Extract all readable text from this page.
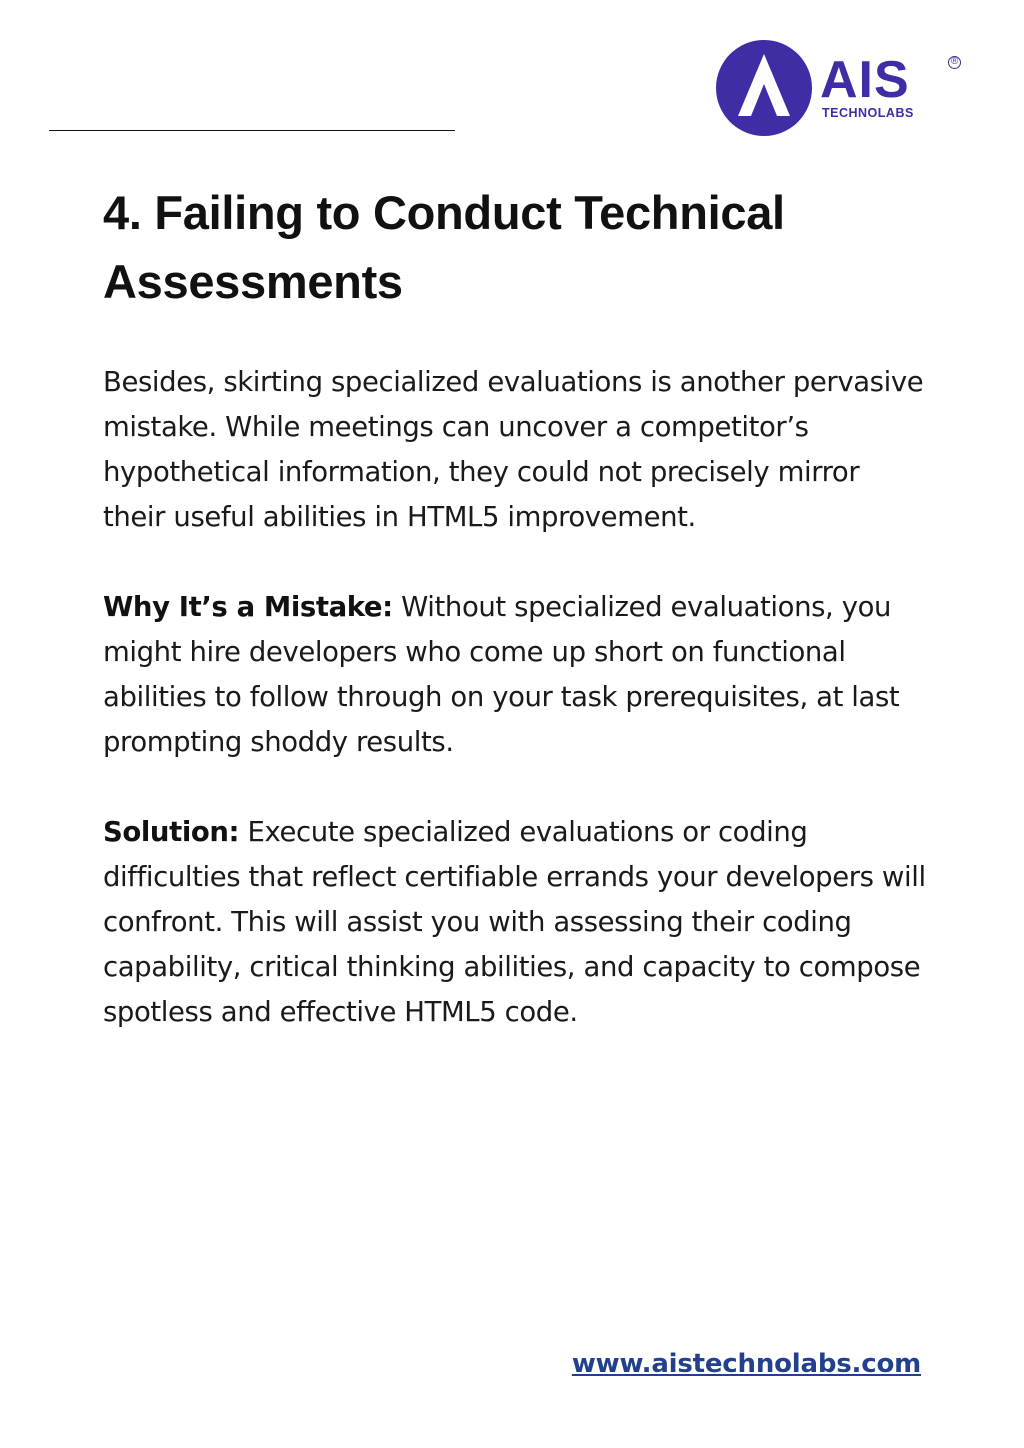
AIS	®
TECHNOLABS
4. Failing to Conduct Technical Assessments

Besides, skirting specialized evaluations is another pervasive mistake. While meetings can uncover a competitor’s hypothetical information, they could not precisely mirror their useful abilities in HTML5 improvement.

Why It’s a Mistake: Without specialized evaluations, you might hire developers who come up short on functional abilities to follow through on your task prerequisites, at last prompting shoddy results.

Solution: Execute specialized evaluations or coding difficulties that reflect certifiable errands your developers will confront. This will assist you with assessing their coding capability, critical thinking abilities, and capacity to compose spotless and effective HTML5 code.

www.aistechnolabs.com
